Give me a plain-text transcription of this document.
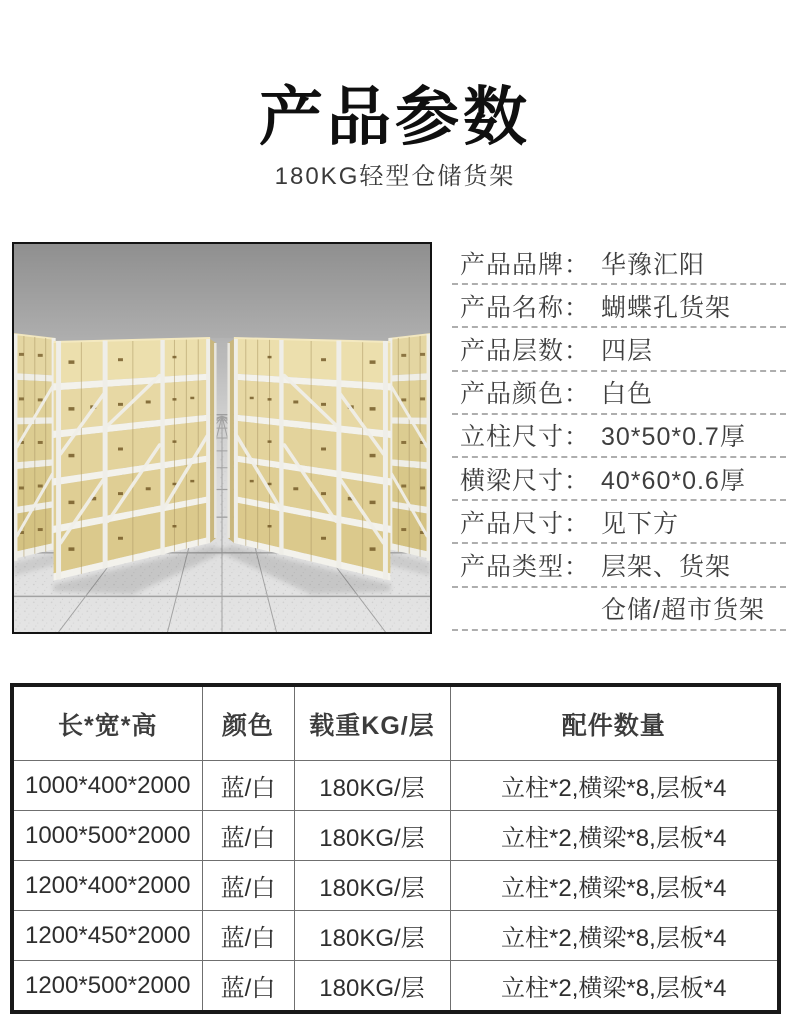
产品参数
180KG轻型仓储货架
产品品牌： 华豫汇阳
产品名称： 蝴蝶孔货架
产品层数： 四层
产品颜色： 白色
立柱尺寸： 30*50*0.7厚
横梁尺寸： 40*60*0.6厚
产品尺寸： 见下方
产品类型： 层架、货架
仓储/超市货架
长*宽*高	颜色	载重KG/层	配件数量
1000*400*2000	蓝/白	180KG/层	立柱*2,横梁*8,层板*4
1000*500*2000	蓝/白	180KG/层	立柱*2,横梁*8,层板*4
1200*400*2000	蓝/白	180KG/层	立柱*2,横梁*8,层板*4
1200*450*2000	蓝/白	180KG/层	立柱*2,横梁*8,层板*4
1200*500*2000	蓝/白	180KG/层	立柱*2,横梁*8,层板*4
